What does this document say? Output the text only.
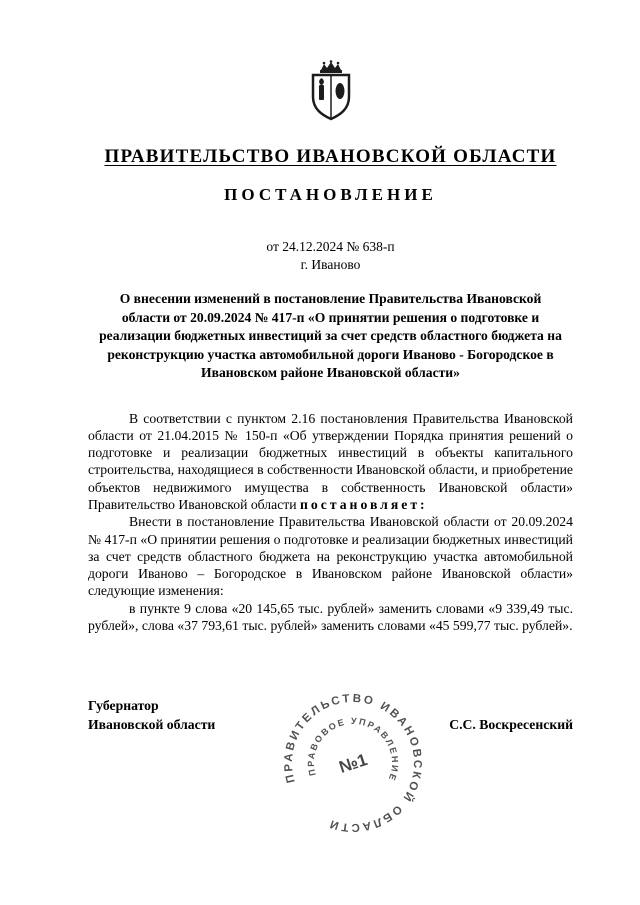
ПРАВИТЕЛЬСТВО ИВАНОВСКОЙ ОБЛАСТИ
ПОСТАНОВЛЕНИЕ
от 24.12.2024 № 638-п
г. Иваново
О внесении изменений в постановление Правительства Ивановской области от 20.09.2024 № 417-п «О принятии решения о подготовке и реализации бюджетных инвестиций за счет средств областного бюджета на реконструкцию участка автомобильной дороги Иваново - Богородское в Ивановском районе Ивановской области»

В соответствии с пунктом 2.16 постановления Правительства Ивановской области от 21.04.2015 № 150-п «Об утверждении Порядка принятия решений о подготовке и реализации бюджетных инвестиций в объекты капитального строительства, находящиеся в собственности Ивановской области, и приобретение объектов недвижимого имущества в собственность Ивановской области» Правительство Ивановской области постановляет:

Внести в постановление Правительства Ивановской области от 20.09.2024 № 417-п «О принятии решения о подготовке и реализации бюджетных инвестиций за счет средств областного бюджета на реконструкцию участка автомобильной дороги Иваново – Богородское в Ивановском районе Ивановской области» следующие изменения:

в пункте 9 слова «20 145,65 тыс. рублей» заменить словами «9 339,49 тыс. рублей», слова «37 793,61 тыс. рублей» заменить словами «45 599,77 тыс. рублей».

Губернатор
Ивановской области	С.С. Воскресенский
ПРАВИТЕЛЬСТВО ИВАНОВСКОЙ ОБЛАСТИ
ПРАВОВОЕ УПРАВЛЕНИЕ
№1
